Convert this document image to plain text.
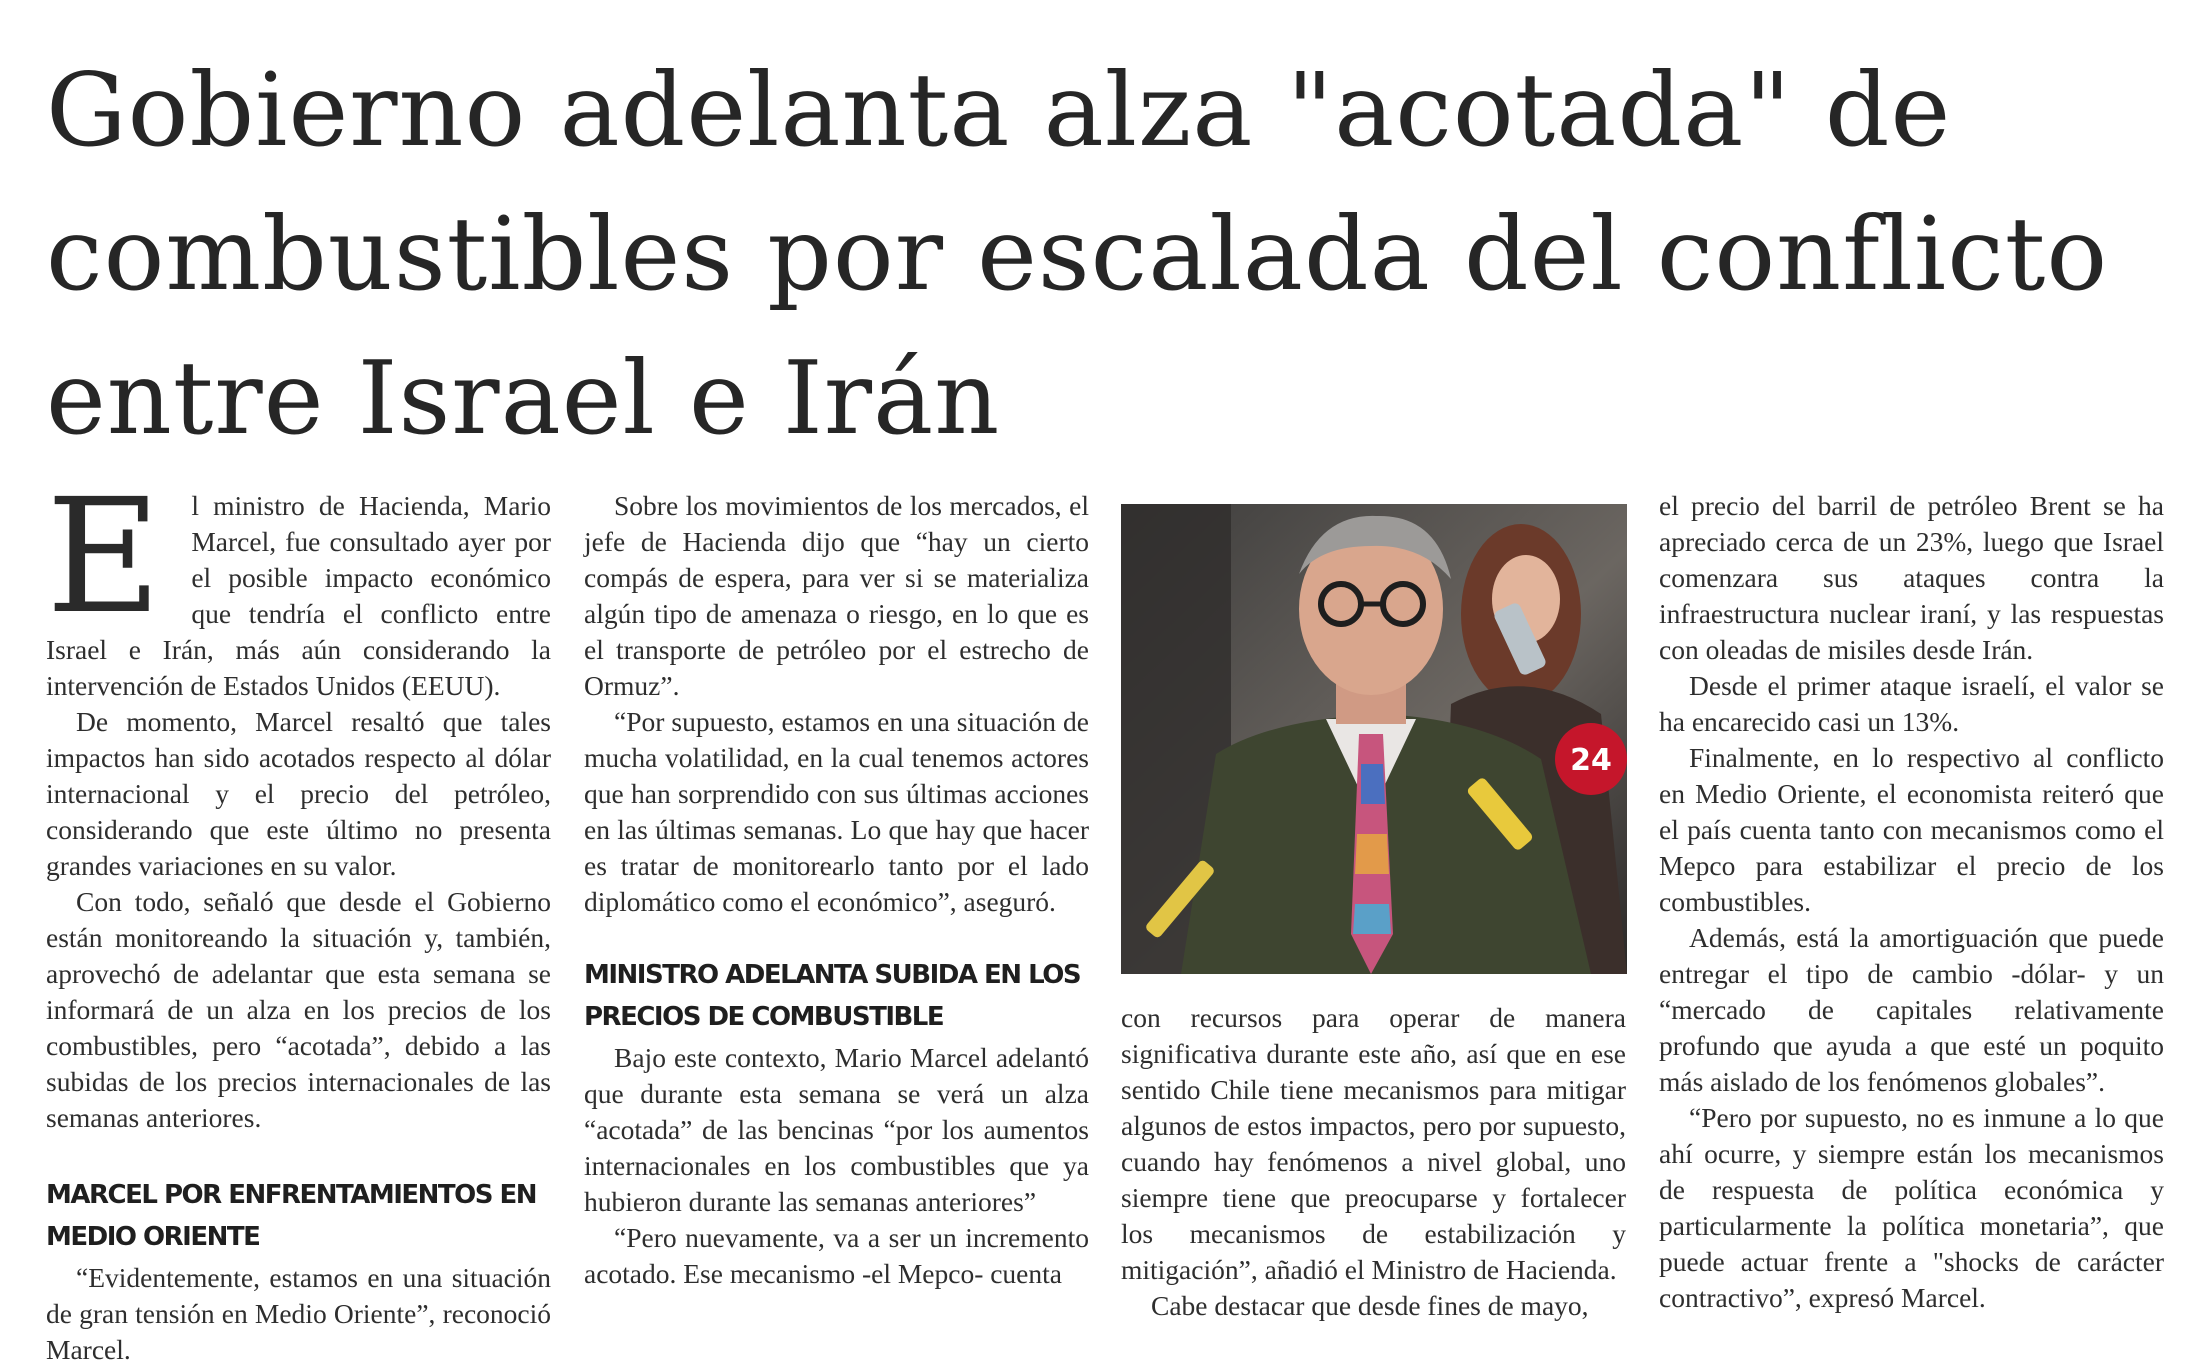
Gobierno adelanta alza "acotada" de combustibles por escalada del conflicto entre Israel e Irán

E l ministro de Hacienda, Mario Marcel, fue consultado ayer por el posible impacto económico que tendría el conflicto entre Israel e Irán, más aún considerando la intervención de Estados Unidos (EEUU).

De momento, Marcel resaltó que tales impactos han sido acotados respecto al dólar internacional y el precio del petróleo, considerando que este último no presenta grandes variaciones en su valor.

Con todo, señaló que desde el Gobierno están monitoreando la situación y, también, aprovechó de adelantar que esta semana se informará de un alza en los precios de los combustibles, pero “acotada”, debido a las subidas de los precios internacionales de las semanas anteriores.

MARCEL POR ENFRENTAMIENTOS EN MEDIO ORIENTE

“Evidentemente, estamos en una situación de gran tensión en Medio Oriente”, reconoció Marcel.

Sobre los movimientos de los mercados, el jefe de Hacienda dijo que “hay un cierto compás de espera, para ver si se materializa algún tipo de amenaza o riesgo, en lo que es el transporte de petróleo por el estrecho de Ormuz”.

“Por supuesto, estamos en una situación de mucha volatilidad, en la cual tenemos actores que han sorprendido con sus últimas acciones en las últimas semanas. Lo que hay que hacer es tratar de monitorearlo tanto por el lado diplomático como el económico”, aseguró.

MINISTRO ADELANTA SUBIDA EN LOS PRECIOS DE COMBUSTIBLE

Bajo este contexto, Mario Marcel adelantó que durante esta semana se verá un alza “acotada” de las bencinas “por los aumentos internacionales en los combustibles que ya hubieron durante las semanas anteriores”

“Pero nuevamente, va a ser un incremento acotado. Ese mecanismo -el Mepco- cuenta

24

con recursos para operar de manera significativa durante este año, así que en ese sentido Chile tiene mecanismos para mitigar algunos de estos impactos, pero por supuesto, cuando hay fenómenos a nivel global, uno siempre tiene que preocuparse y fortalecer los mecanismos de estabilización y mitigación”, añadió el Ministro de Hacienda.

Cabe destacar que desde fines de mayo,

el precio del barril de petróleo Brent se ha apreciado cerca de un 23%, luego que Israel comenzara sus ataques contra la infraestructura nuclear iraní, y las respuestas con oleadas de misiles desde Irán.

Desde el primer ataque israelí, el valor se ha encarecido casi un 13%.

Finalmente, en lo respectivo al conflicto en Medio Oriente, el economista reiteró que el país cuenta tanto con mecanismos como el Mepco para estabilizar el precio de los combustibles.

Además, está la amortiguación que puede entregar el tipo de cambio -dólar- y un “mercado de capitales relativamente profundo que ayuda a que esté un poquito más aislado de los fenómenos globales”.

“Pero por supuesto, no es inmune a lo que ahí ocurre, y siempre están los mecanismos de respuesta de política económica y particularmente la política monetaria”, que puede actuar frente a "shocks de carácter contractivo”, expresó Marcel.
